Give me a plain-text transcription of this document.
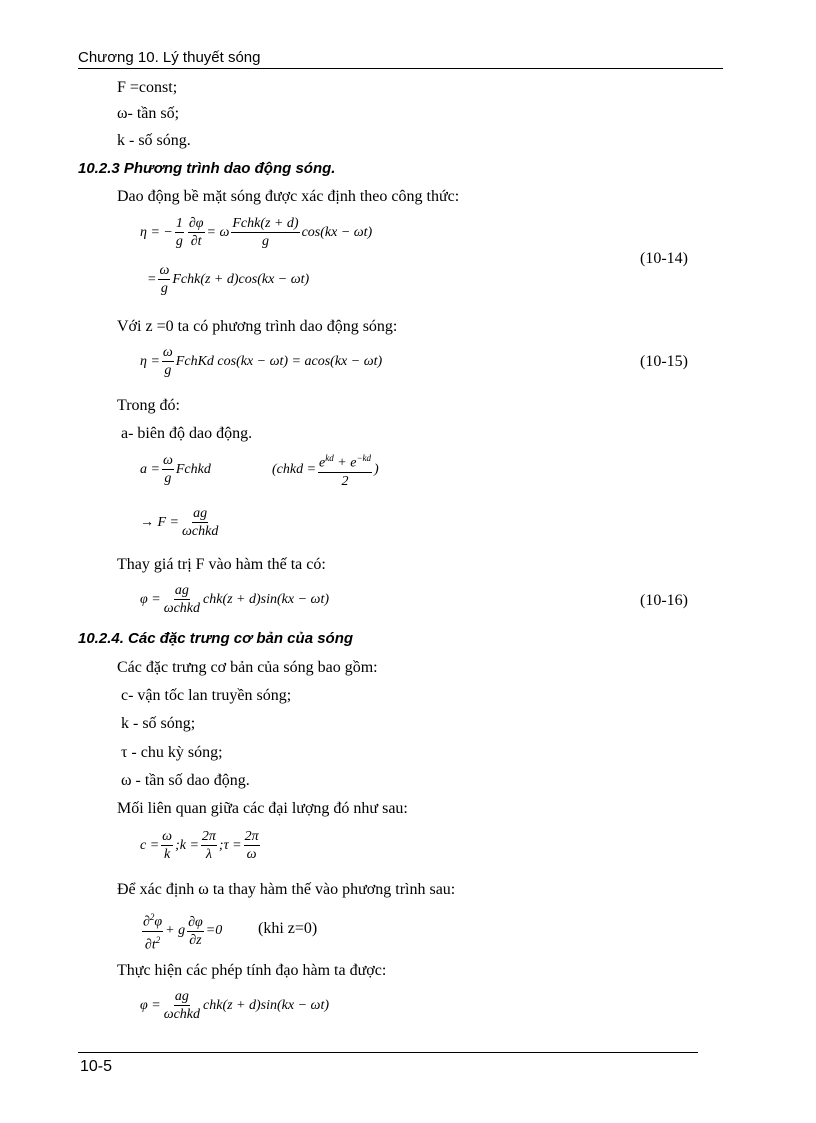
Chương 10. Lý thuyết sóng
F =const;
ω- tần số;
k - số sóng.
10.2.3 Phương trình dao động sóng.
Dao động bề mặt sóng được xác định theo công thức:
η = − $\frac{1}{g} \frac{\partial\varphi}{\partial t} = \omega \frac{\text{Fchk(z + d)}}{g}$ cos (kx − ωt)
= $\frac{\omega}{g}$ Fchk(z + d) cos (kx − ωt)
(10-14)
Với z =0 ta có phương trình dao động sóng:
$\eta = \frac{\omega}{g}$ FchKd cos (kx − ωt) = a cos (kx − ωt)	(10-15)
Trong đó:
a- biên độ dao động.
$a = \frac{\omega}{g}$ Fchkd	(chkd = $\frac{e^{kd} + e^{-kd}}{2}$ )
→ $F = \frac{ag}{\text{ωchkd}}$
Thay giá trị F vào hàm thế ta có:
$\varphi = \frac{ag}{\text{ωchkd}} chk(z + d)$ sin (kx − ωt)	(10-16)
10.2.4. Các đặc trưng cơ bản của sóng
Các đặc trưng cơ bản của sóng bao gồm:
c- vận tốc lan truyền sóng;
k - số sóng;
τ - chu kỳ sóng;
ω - tần số dao động.
Mối liên quan giữa các đại lượng đó như sau:
$c = \frac{\omega}{k}$ ; $k = \frac{2\pi}{\lambda}$ ; $\tau = \frac{2\pi}{\omega}$
Để xác định ω ta thay hàm thế vào phương trình sau:
$\frac{\partial^2\varphi}{\partial t^2} + g \frac{\partial\varphi}{\partial z} = 0$ (khi z=0)
Thực hiện các phép tính đạo hàm ta được:
$\varphi = \frac{ag}{\text{ωchkd}} chk(z + d)$ sin (kx − ωt)
10-5
